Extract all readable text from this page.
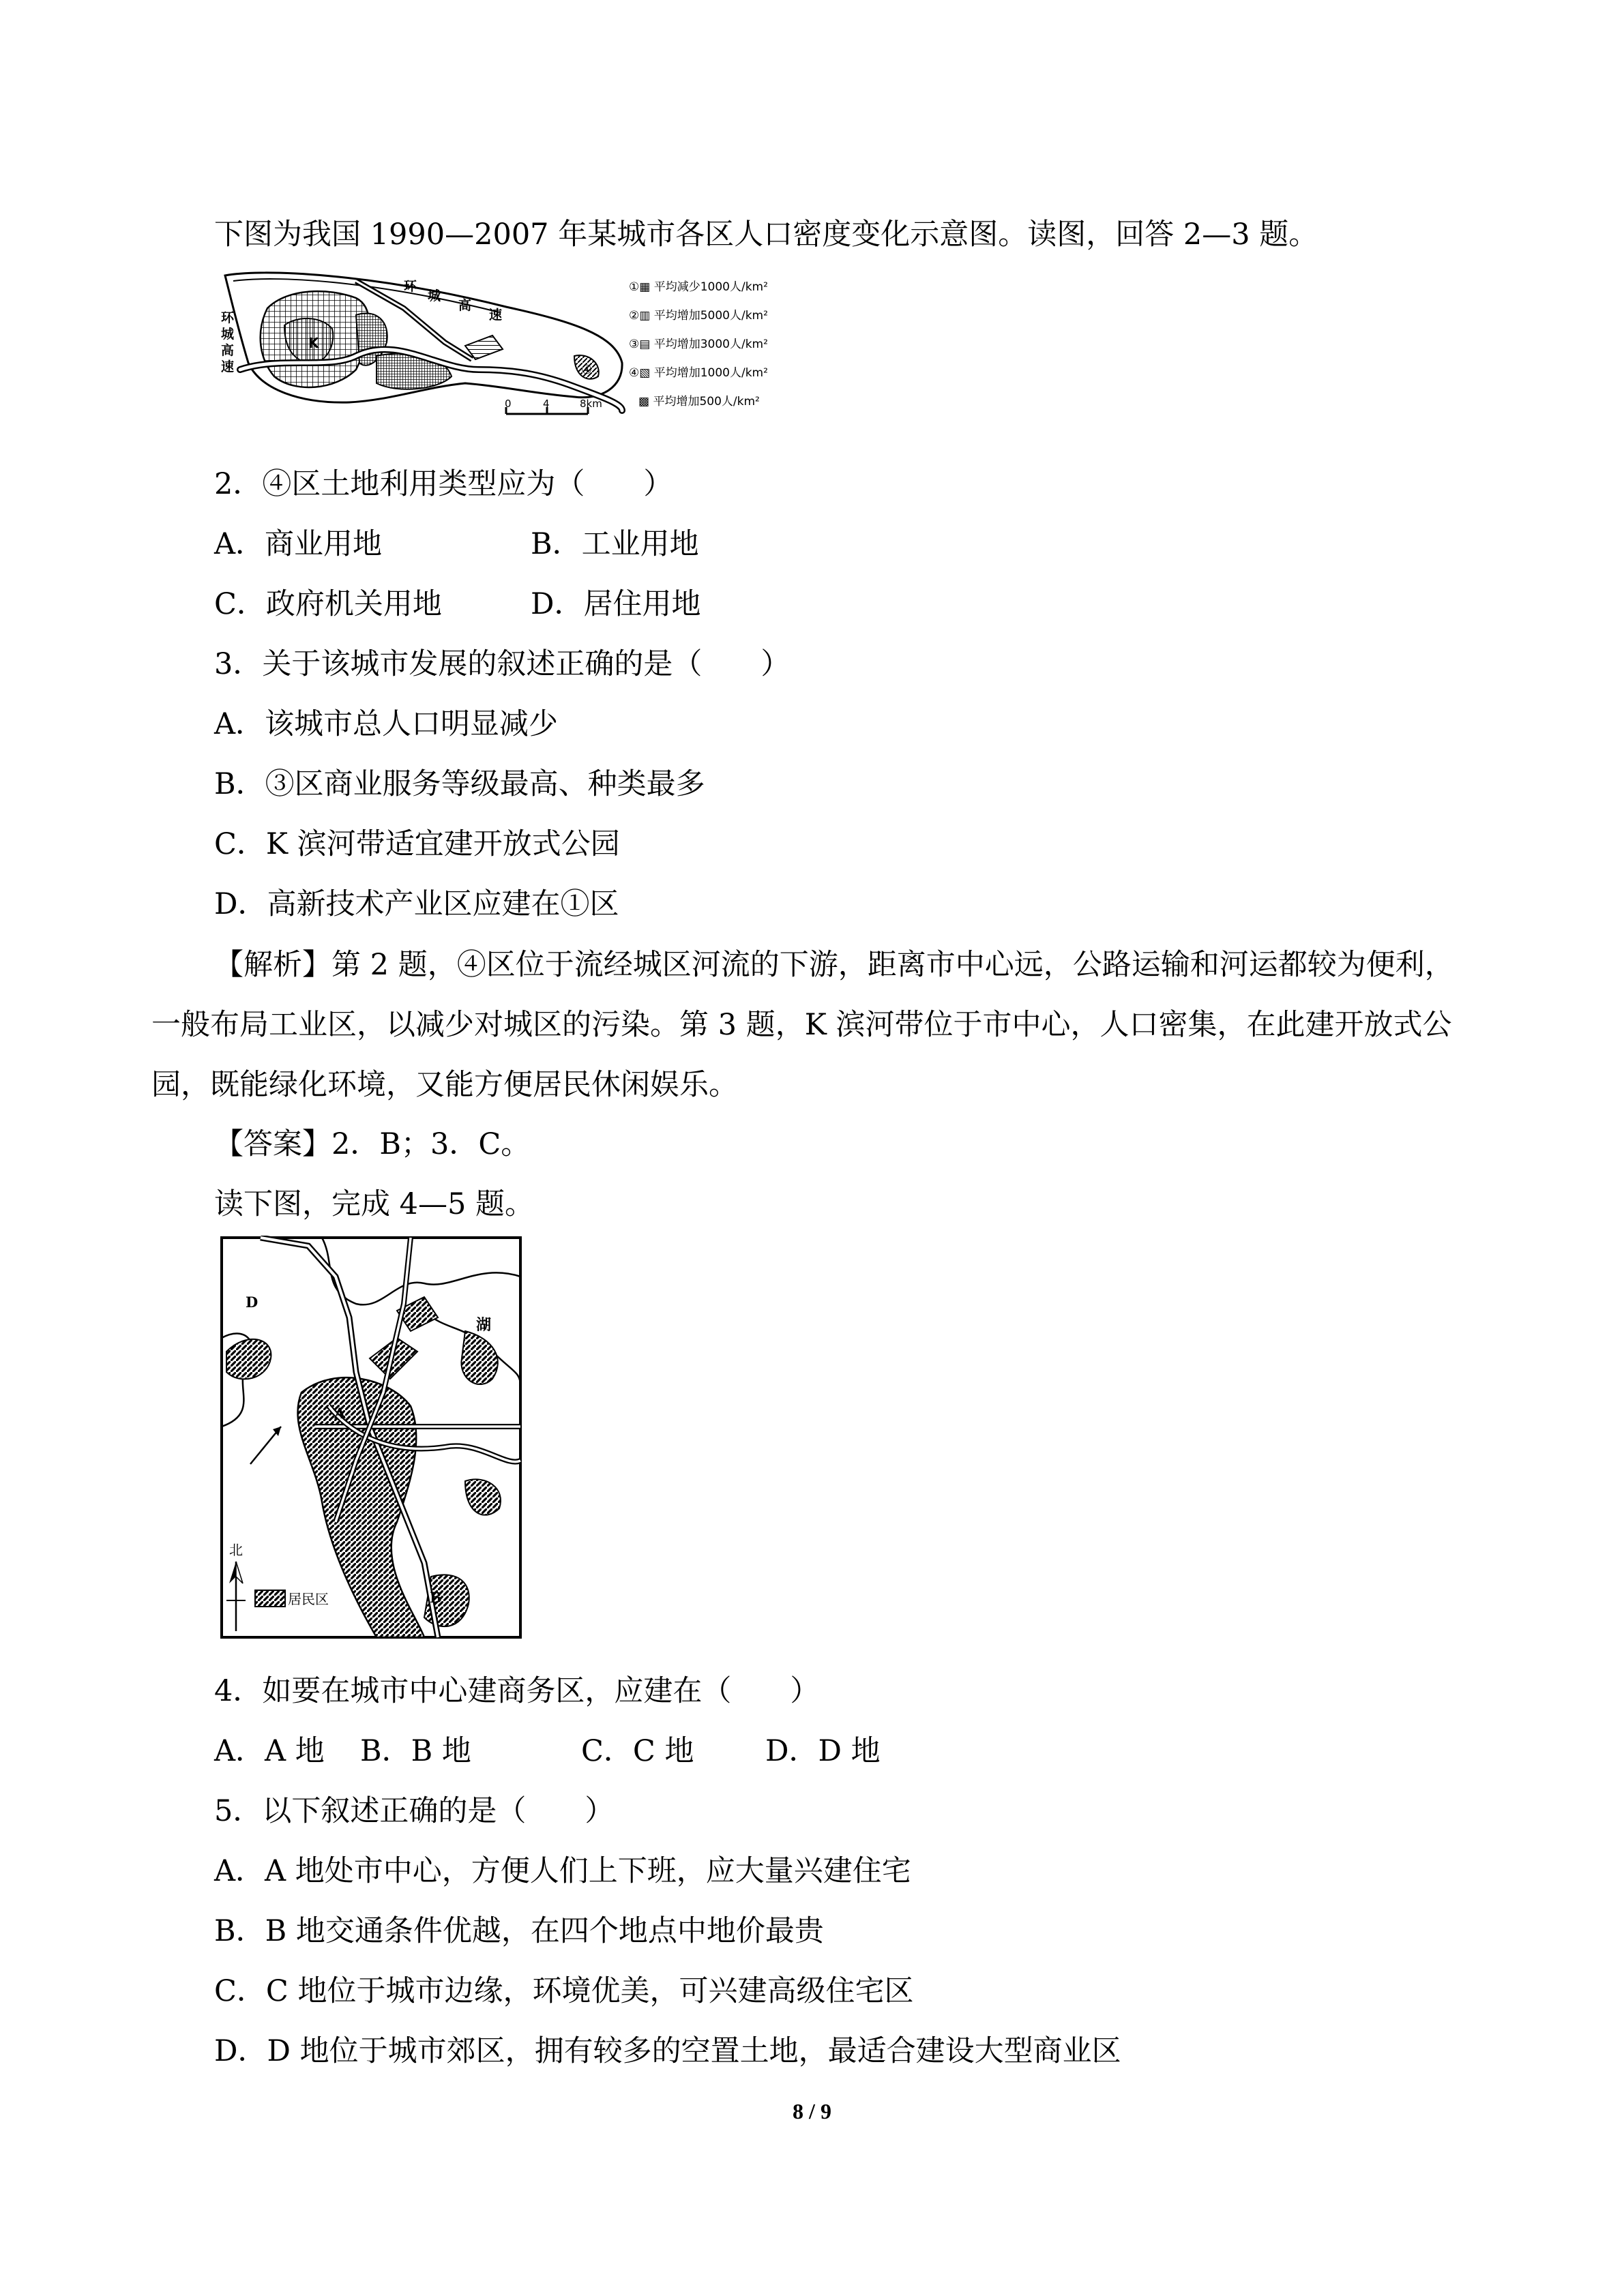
下图为我国 1990—2007 年某城市各区人口密度变化示意图。读图，回答 2—3 题。
环城高速
环城高速
K
④
0	4	8km
①▦ 平均减少1000人/km²
②▥ 平均增加5000人/km²
③▤ 平均增加3000人/km²
④▧ 平均增加1000人/km²
▩ 平均增加500人/km²
2．④区土地利用类型应为（　　）
A．商业用地	B．工业用地
C．政府机关用地	D．居住用地
3．关于该城市发展的叙述正确的是（　　）
A．该城市总人口明显减少
B．③区商业服务等级最高、种类最多
C．K 滨河带适宜建开放式公园
D．高新技术产业区应建在①区
【解析】第 2 题，④区位于流经城区河流的下游，距离市中心远，公路运输和河运都较为便利，一般布局工业区，以减少对城区的污染。第 3 题，K 滨河带位于市中心，人口密集，在此建开放式公园，既能绿化环境，又能方便居民休闲娱乐。
【答案】2．B；3．C。
读下图，完成 4—5 题。
D
A
B
湖
北
居民区
4．如要在城市中心建商务区，应建在（　　）
A．A 地 B．B 地	C．C 地 D．D 地
5．以下叙述正确的是（　　）
A．A 地处市中心，方便人们上下班，应大量兴建住宅
B．B 地交通条件优越，在四个地点中地价最贵
C．C 地位于城市边缘，环境优美，可兴建高级住宅区
D．D 地位于城市郊区，拥有较多的空置土地，最适合建设大型商业区
8 / 9
